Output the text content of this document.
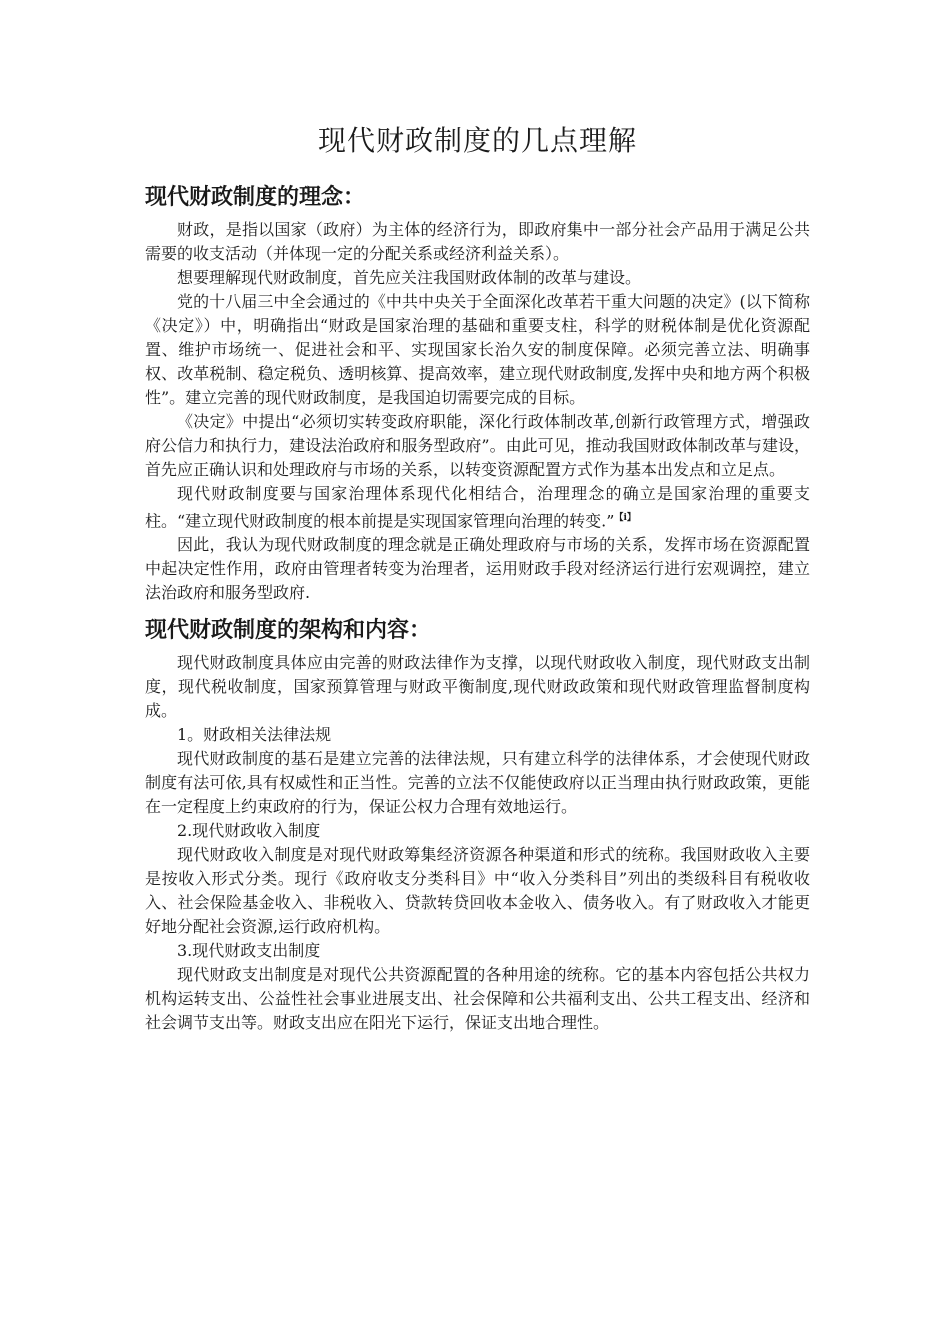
现代财政制度的几点理解
现代财政制度的理念：

财政，是指以国家（政府）为主体的经济行为，即政府集中一部分社会产品用于满足公共需要的收支活动（并体现一定的分配关系或经济利益关系）。

想要理解现代财政制度，首先应关注我国财政体制的改革与建设。

党的十八届三中全会通过的《中共中央关于全面深化改革若干重大问题的决定》(以下简称《决定》）中，明确指出“财政是国家治理的基础和重要支柱，科学的财税体制是优化资源配置、维护市场统一、促进社会和平、实现国家长治久安的制度保障。必须完善立法、明确事权、改革税制、稳定税负、透明核算、提高效率，建立现代财政制度,发挥中央和地方两个积极性”。建立完善的现代财政制度，是我国迫切需要完成的目标。

《决定》中提出“必须切实转变政府职能，深化行政体制改革,创新行政管理方式，增强政府公信力和执行力，建设法治政府和服务型政府”。由此可见，推动我国财政体制改革与建设，首先应正确认识和处理政府与市场的关系，以转变资源配置方式作为基本出发点和立足点。

现代财政制度要与国家治理体系现代化相结合，治理理念的确立是国家治理的重要支柱。“建立现代财政制度的根本前提是实现国家管理向治理的转变.”$^{【i】}$

因此，我认为现代财政制度的理念就是正确处理政府与市场的关系，发挥市场在资源配置中起决定性作用，政府由管理者转变为治理者，运用财政手段对经济运行进行宏观调控，建立法治政府和服务型政府.

现代财政制度的架构和内容：

现代财政制度具体应由完善的财政法律作为支撑，以现代财政收入制度，现代财政支出制度，现代税收制度，国家预算管理与财政平衡制度,现代财政政策和现代财政管理监督制度构成。

1。财政相关法律法规

现代财政制度的基石是建立完善的法律法规，只有建立科学的法律体系，才会使现代财政制度有法可依,具有权威性和正当性。完善的立法不仅能使政府以正当理由执行财政政策，更能在一定程度上约束政府的行为，保证公权力合理有效地运行。

2.现代财政收入制度

现代财政收入制度是对现代财政筹集经济资源各种渠道和形式的统称。我国财政收入主要是按收入形式分类。现行《政府收支分类科目》中“收入分类科目”列出的类级科目有税收收入、社会保险基金收入、非税收入、贷款转贷回收本金收入、债务收入。有了财政收入才能更好地分配社会资源,运行政府机构。

3.现代财政支出制度

现代财政支出制度是对现代公共资源配置的各种用途的统称。它的基本内容包括公共权力机构运转支出、公益性社会事业进展支出、社会保障和公共福利支出、公共工程支出、经济和社会调节支出等。财政支出应在阳光下运行，保证支出地合理性。
